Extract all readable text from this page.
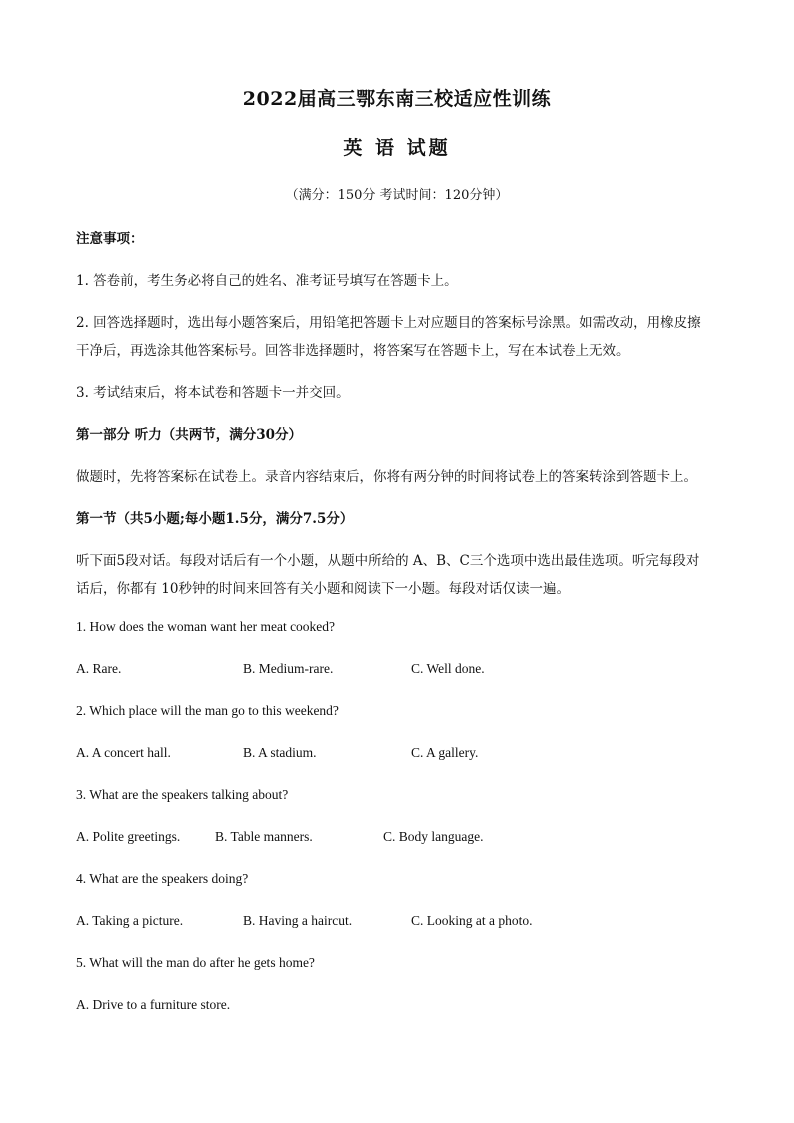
2022届高三鄂东南三校适应性训练
英 语 试题
（满分：150分 考试时间：120分钟）
注意事项：
1. 答卷前，考生务必将自己的姓名、准考证号填写在答题卡上。
2. 回答选择题时，选出每小题答案后，用铅笔把答题卡上对应题目的答案标号涂黑。如需改动，用橡皮擦
干净后，再选涂其他答案标号。回答非选择题时，将答案写在答题卡上，写在本试卷上无效。
3. 考试结束后，将本试卷和答题卡一并交回。
第一部分 听力（共两节，满分30分）
做题时，先将答案标在试卷上。录音内容结束后，你将有两分钟的时间将试卷上的答案转涂到答题卡上。
第一节（共5小题;每小题1.5分，满分7.5分）
听下面5段对话。每段对话后有一个小题，从题中所给的 A、B、C三个选项中选出最佳选项。听完每段对
话后，你都有 10秒钟的时间来回答有关小题和阅读下一小题。每段对话仅读一遍。
1. How does the woman want her meat cooked?
A. Rare.	B. Medium-rare.	C. Well done.
2. Which place will the man go to this weekend?
A. A concert hall.	B. A stadium.	C. A gallery.
3. What are the speakers talking about?
A. Polite greetings.	B. Table manners.	C. Body language.
4. What are the speakers doing?
A. Taking a picture.	B. Having a haircut.	C. Looking at a photo.
5. What will the man do after he gets home?
A. Drive to a furniture store.
